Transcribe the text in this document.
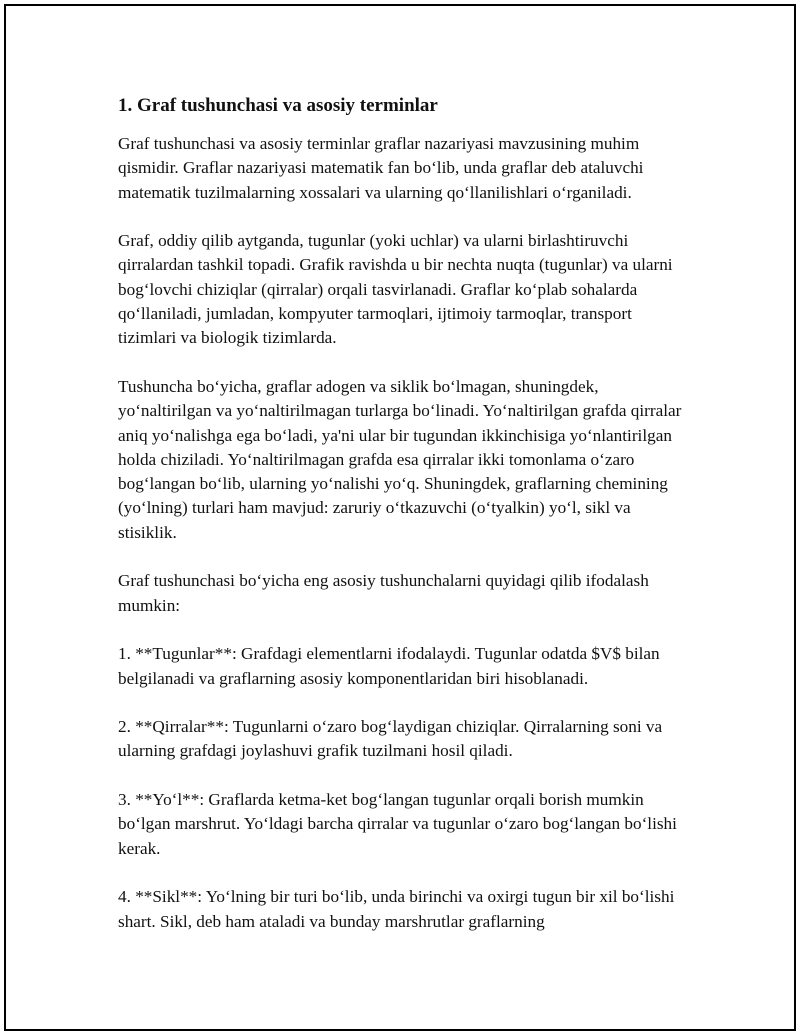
1. Graf tushunchasi va asosiy terminlar

Graf tushunchasi va asosiy terminlar graflar nazariyasi mavzusining muhim qismidir. Graflar nazariyasi matematik fan boʻlib, unda graflar deb ataluvchi matematik tuzilmalarning xossalari va ularning qoʻllanilishlari oʻrganiladi.

Graf, oddiy qilib aytganda, tugunlar (yoki uchlar) va ularni birlashtiruvchi qirralardan tashkil topadi. Grafik ravishda u bir nechta nuqta (tugunlar) va ularni bogʻlovchi chiziqlar (qirralar) orqali tasvirlanadi. Graflar koʻplab sohalarda qoʻllaniladi, jumladan, kompyuter tarmoqlari, ijtimoiy tarmoqlar, transport tizimlari va biologik tizimlarda.

Tushuncha boʻyicha, graflar adogen va siklik boʻlmagan, shuningdek, yoʻnaltirilgan va yoʻnaltirilmagan turlarga boʻlinadi. Yoʻnaltirilgan grafda qirralar aniq yoʻnalishga ega boʻladi, ya'ni ular bir tugundan ikkinchisiga yoʻnlantirilgan holda chiziladi. Yoʻnaltirilmagan grafda esa qirralar ikki tomonlama oʻzaro bogʻlangan boʻlib, ularning yoʻnalishi yoʻq. Shuningdek, graflarning chemining (yoʻlning) turlari ham mavjud: zaruriy oʻtkazuvchi (oʻtyalkin) yoʻl, sikl va stisiklik.

Graf tushunchasi boʻyicha eng asosiy tushunchalarni quyidagi qilib ifodalash mumkin:

1. **Tugunlar**: Grafdagi elementlarni ifodalaydi. Tugunlar odatda $V$ bilan belgilanadi va graflarning asosiy komponentlaridan biri hisoblanadi.

2. **Qirralar**: Tugunlarni oʻzaro bogʻlaydigan chiziqlar. Qirralarning soni va ularning grafdagi joylashuvi grafik tuzilmani hosil qiladi.

3. **Yoʻl**: Graflarda ketma-ket bogʻlangan tugunlar orqali borish mumkin boʻlgan marshrut. Yoʻldagi barcha qirralar va tugunlar oʻzaro bogʻlangan boʻlishi kerak.

4. **Sikl**: Yoʻlning bir turi boʻlib, unda birinchi va oxirgi tugun bir xil boʻlishi shart. Sikl, deb ham ataladi va bunday marshrutlar graflarning
